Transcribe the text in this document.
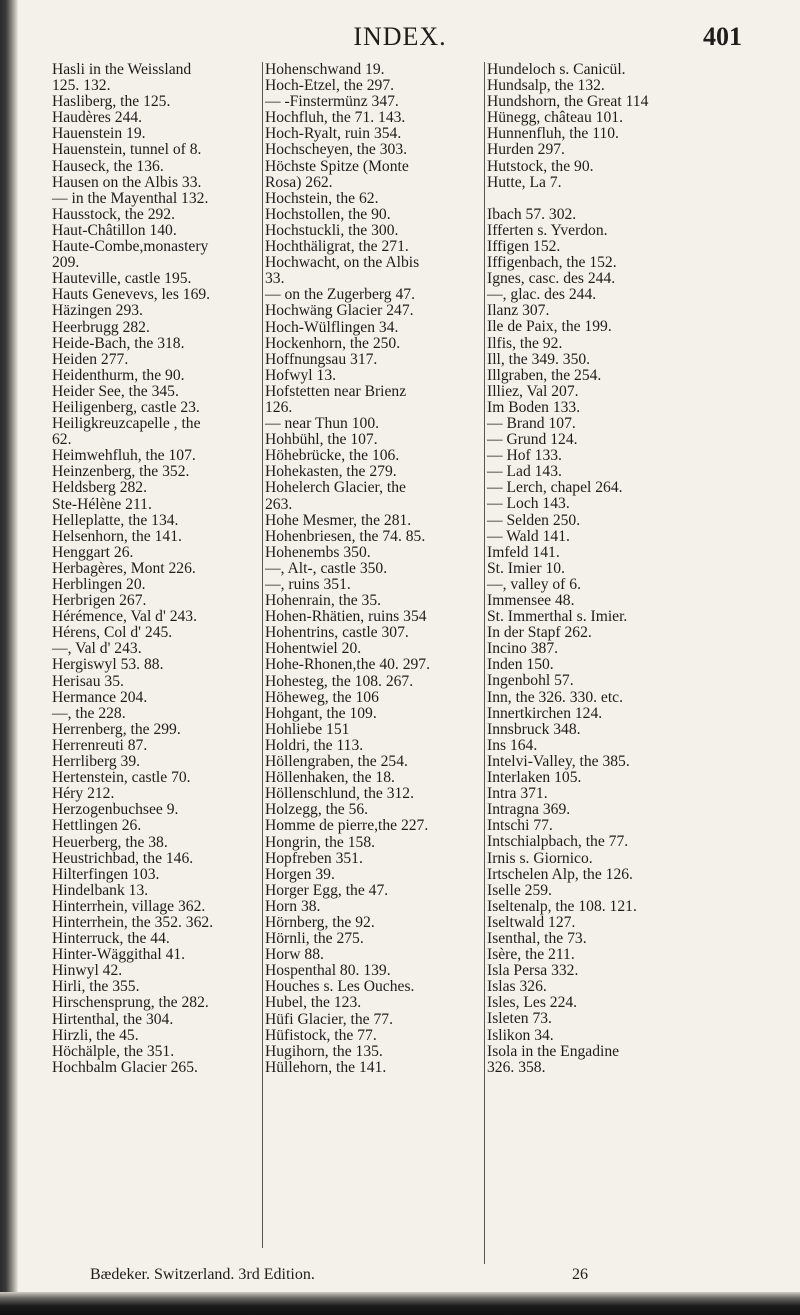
INDEX.	401
Hasli in the Weissland
125. 132.
Hasliberg, the 125.
Haudères 244.
Hauenstein 19.
Hauenstein, tunnel of 8.
Hauseck, the 136.
Hausen on the Albis 33.
— in the Mayenthal 132.
Hausstock, the 292.
Haut-Châtillon 140.
Haute-Combe,monastery
209.
Hauteville, castle 195.
Hauts Genevevs, les 169.
Häzingen 293.
Heerbrugg 282.
Heide-Bach, the 318.
Heiden 277.
Heidenthurm, the 90.
Heider See, the 345.
Heiligenberg, castle 23.
Heiligkreuzcapelle , the
62.
Heimwehfluh, the 107.
Heinzenberg, the 352.
Heldsberg 282.
Ste-Hélène 211.
Helleplatte, the 134.
Helsenhorn, the 141.
Henggart 26.
Herbagères, Mont 226.
Herblingen 20.
Herbrigen 267.
Hérémence, Val d' 243.
Hérens, Col d' 245.
—, Val d' 243.
Hergiswyl 53. 88.
Herisau 35.
Hermance 204.
—, the 228.
Herrenberg, the 299.
Herrenreuti 87.
Herrliberg 39.
Hertenstein, castle 70.
Héry 212.
Herzogenbuchsee 9.
Hettlingen 26.
Heuerberg, the 38.
Heustrichbad, the 146.
Hilterfingen 103.
Hindelbank 13.
Hinterrhein, village 362.
Hinterrhein, the 352. 362.
Hinterruck, the 44.
Hinter-Wäggithal 41.
Hinwyl 42.
Hirli, the 355.
Hirschensprung, the 282.
Hirtenthal, the 304.
Hirzli, the 45.
Höchälple, the 351.
Hochbalm Glacier 265.
Hohenschwand 19.
Hoch-Etzel, the 297.
— -Finstermünz 347.
Hochfluh, the 71. 143.
Hoch-Ryalt, ruin 354.
Hochscheyen, the 303.
Höchste Spitze (Monte
Rosa) 262.
Hochstein, the 62.
Hochstollen, the 90.
Hochstuckli, the 300.
Hochthäligrat, the 271.
Hochwacht, on the Albis
33.
— on the Zugerberg 47.
Hochwäng Glacier 247.
Hoch-Wülflingen 34.
Hockenhorn, the 250.
Hoffnungsau 317.
Hofwyl 13.
Hofstetten near Brienz
126.
— near Thun 100.
Hohbühl, the 107.
Höhebrücke, the 106.
Hohekasten, the 279.
Hohelerch Glacier, the
263.
Hohe Mesmer, the 281.
Hohenbriesen, the 74. 85.
Hohenembs 350.
—, Alt-, castle 350.
—, ruins 351.
Hohenrain, the 35.
Hohen-Rhätien, ruins 354
Hohentrins, castle 307.
Hohentwiel 20.
Hohe-Rhonen,the 40. 297.
Hohesteg, the 108. 267.
Höheweg, the 106
Hohgant, the 109.
Hohliebe 151
Holdri, the 113.
Höllengraben, the 254.
Höllenhaken, the 18.
Höllenschlund, the 312.
Holzegg, the 56.
Homme de pierre,the 227.
Hongrin, the 158.
Hopfreben 351.
Horgen 39.
Horger Egg, the 47.
Horn 38.
Hörnberg, the 92.
Hörnli, the 275.
Horw 88.
Hospenthal 80. 139.
Houches s. Les Ouches.
Hubel, the 123.
Hüfi Glacier, the 77.
Hüfistock, the 77.
Hugihorn, the 135.
Hüllehorn, the 141.
Hundeloch s. Canicül.
Hundsalp, the 132.
Hundshorn, the Great 114
Hünegg, château 101.
Hunnenfluh, the 110.
Hurden 297.
Hutstock, the 90.
Hutte, La 7.
Ibach 57. 302.
Ifferten s. Yverdon.
Iffigen 152.
Iffigenbach, the 152.
Ignes, casc. des 244.
—, glac. des 244.
Ilanz 307.
Ile de Paix, the 199.
Ilfis, the 92.
Ill, the 349. 350.
Illgraben, the 254.
Illiez, Val 207.
Im Boden 133.
— Brand 107.
— Grund 124.
— Hof 133.
— Lad 143.
— Lerch, chapel 264.
— Loch 143.
— Selden 250.
— Wald 141.
Imfeld 141.
St. Imier 10.
—, valley of 6.
Immensee 48.
St. Immerthal s. Imier.
In der Stapf 262.
Incino 387.
Inden 150.
Ingenbohl 57.
Inn, the 326. 330. etc.
Innertkirchen 124.
Innsbruck 348.
Ins 164.
Intelvi-Valley, the 385.
Interlaken 105.
Intra 371.
Intragna 369.
Intschi 77.
Intschialpbach, the 77.
Irnis s. Giornico.
Irtschelen Alp, the 126.
Iselle 259.
Iseltenalp, the 108. 121.
Iseltwald 127.
Isenthal, the 73.
Isère, the 211.
Isla Persa 332.
Islas 326.
Isles, Les 224.
Isleten 73.
Islikon 34.
Isola in the Engadine
326. 358.
Bædeker. Switzerland. 3rd Edition.	26
